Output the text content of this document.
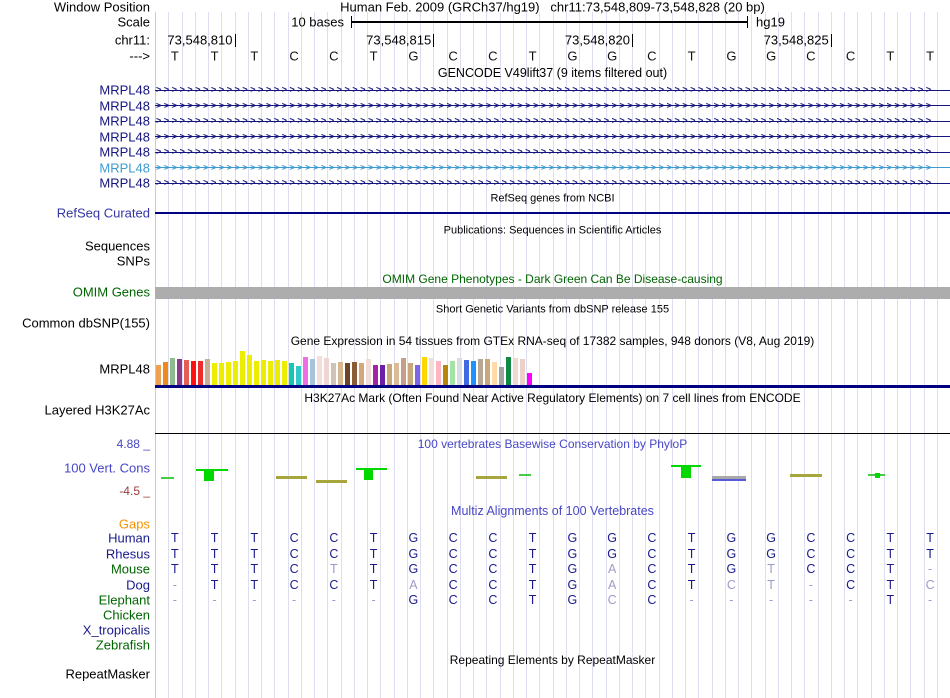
Window Position	Human Feb. 2009 (GRCh37/hg19)   chr11:73,548,809-73,548,828 (20 bp)
Scale	10 bases	hg19
chr11: 73,548,810	73,548,815	73,548,820	73,548,825
---> T T T C C T G C C T G G C T G G C C T T
GENCODE V49lift37 (9 items filtered out)
MRPL48 >>>>>>>>>>>>>>>>>>>>>>>>>>>>>>>>>>>>>>>>>>>>>>>>>>>>>>>>>>>>>>>>>>>>>>>>>>>>>>>>>>>>>>>>>>>>>>>>>>>
MRPL48 >>>>>>>>>>>>>>>>>>>>>>>>>>>>>>>>>>>>>>>>>>>>>>>>>>>>>>>>>>>>>>>>>>>>>>>>>>>>>>>>>>>>>>>>>>>>>>>>>>>
MRPL48 >>>>>>>>>>>>>>>>>>>>>>>>>>>>>>>>>>>>>>>>>>>>>>>>>>>>>>>>>>>>>>>>>>>>>>>>>>>>>>>>>>>>>>>>>>>>>>>>>>>
MRPL48 >>>>>>>>>>>>>>>>>>>>>>>>>>>>>>>>>>>>>>>>>>>>>>>>>>>>>>>>>>>>>>>>>>>>>>>>>>>>>>>>>>>>>>>>>>>>>>>>>>>
MRPL48 >>>>>>>>>>>>>>>>>>>>>>>>>>>>>>>>>>>>>>>>>>>>>>>>>>>>>>>>>>>>>>>>>>>>>>>>>>>>>>>>>>>>>>>>>>>>>>>>>>>
MRPL48 >>>>>>>>>>>>>>>>>>>>>>>>>>>>>>>>>>>>>>>>>>>>>>>>>>>>>>>>>>>>>>>>>>>>>>>>>>>>>>>>>>>>>>>>>>>>>>>>>>>
MRPL48 >>>>>>>>>>>>>>>>>>>>>>>>>>>>>>>>>>>>>>>>>>>>>>>>>>>>>>>>>>>>>>>>>>>>>>>>>>>>>>>>>>>>>>>>>>>>>>>>>>>
RefSeq genes from NCBI
RefSeq Curated
Publications: Sequences in Scientific Articles
Sequences
SNPs
OMIM Gene Phenotypes - Dark Green Can Be Disease-causing
OMIM Genes
Short Genetic Variants from dbSNP release 155
Common dbSNP(155)
Gene Expression in 54 tissues from GTEx RNA-seq of 17382 samples, 948 donors (V8, Aug 2019)
MRPL48
H3K27Ac Mark (Often Found Near Active Regulatory Elements) on 7 cell lines from ENCODE
Layered H3K27Ac
4.88 _	100 vertebrates Basewise Conservation by PhyloP
100 Vert. Cons
-4.5 _
Multiz Alignments of 100 Vertebrates
Gaps
Human T	T	T	C C	T G C C	T G G C	T G G C C	T	T
Rhesus T	T	T	C C	T G C C	T G G C	T G G C C	T	T
Mouse T	T	T	C	T	T G C C	T G A C	T G T	C C	T	-
Dog -	T	T	C C	T	A C C	T G A C	T	C	T	-	C	T	C
Elephant -	-	-	-	-	-	G C C	T G C C	-	-	-	-	-	T	-
Chicken
X_tropicalis
Zebrafish
Repeating Elements by RepeatMasker
RepeatMasker
